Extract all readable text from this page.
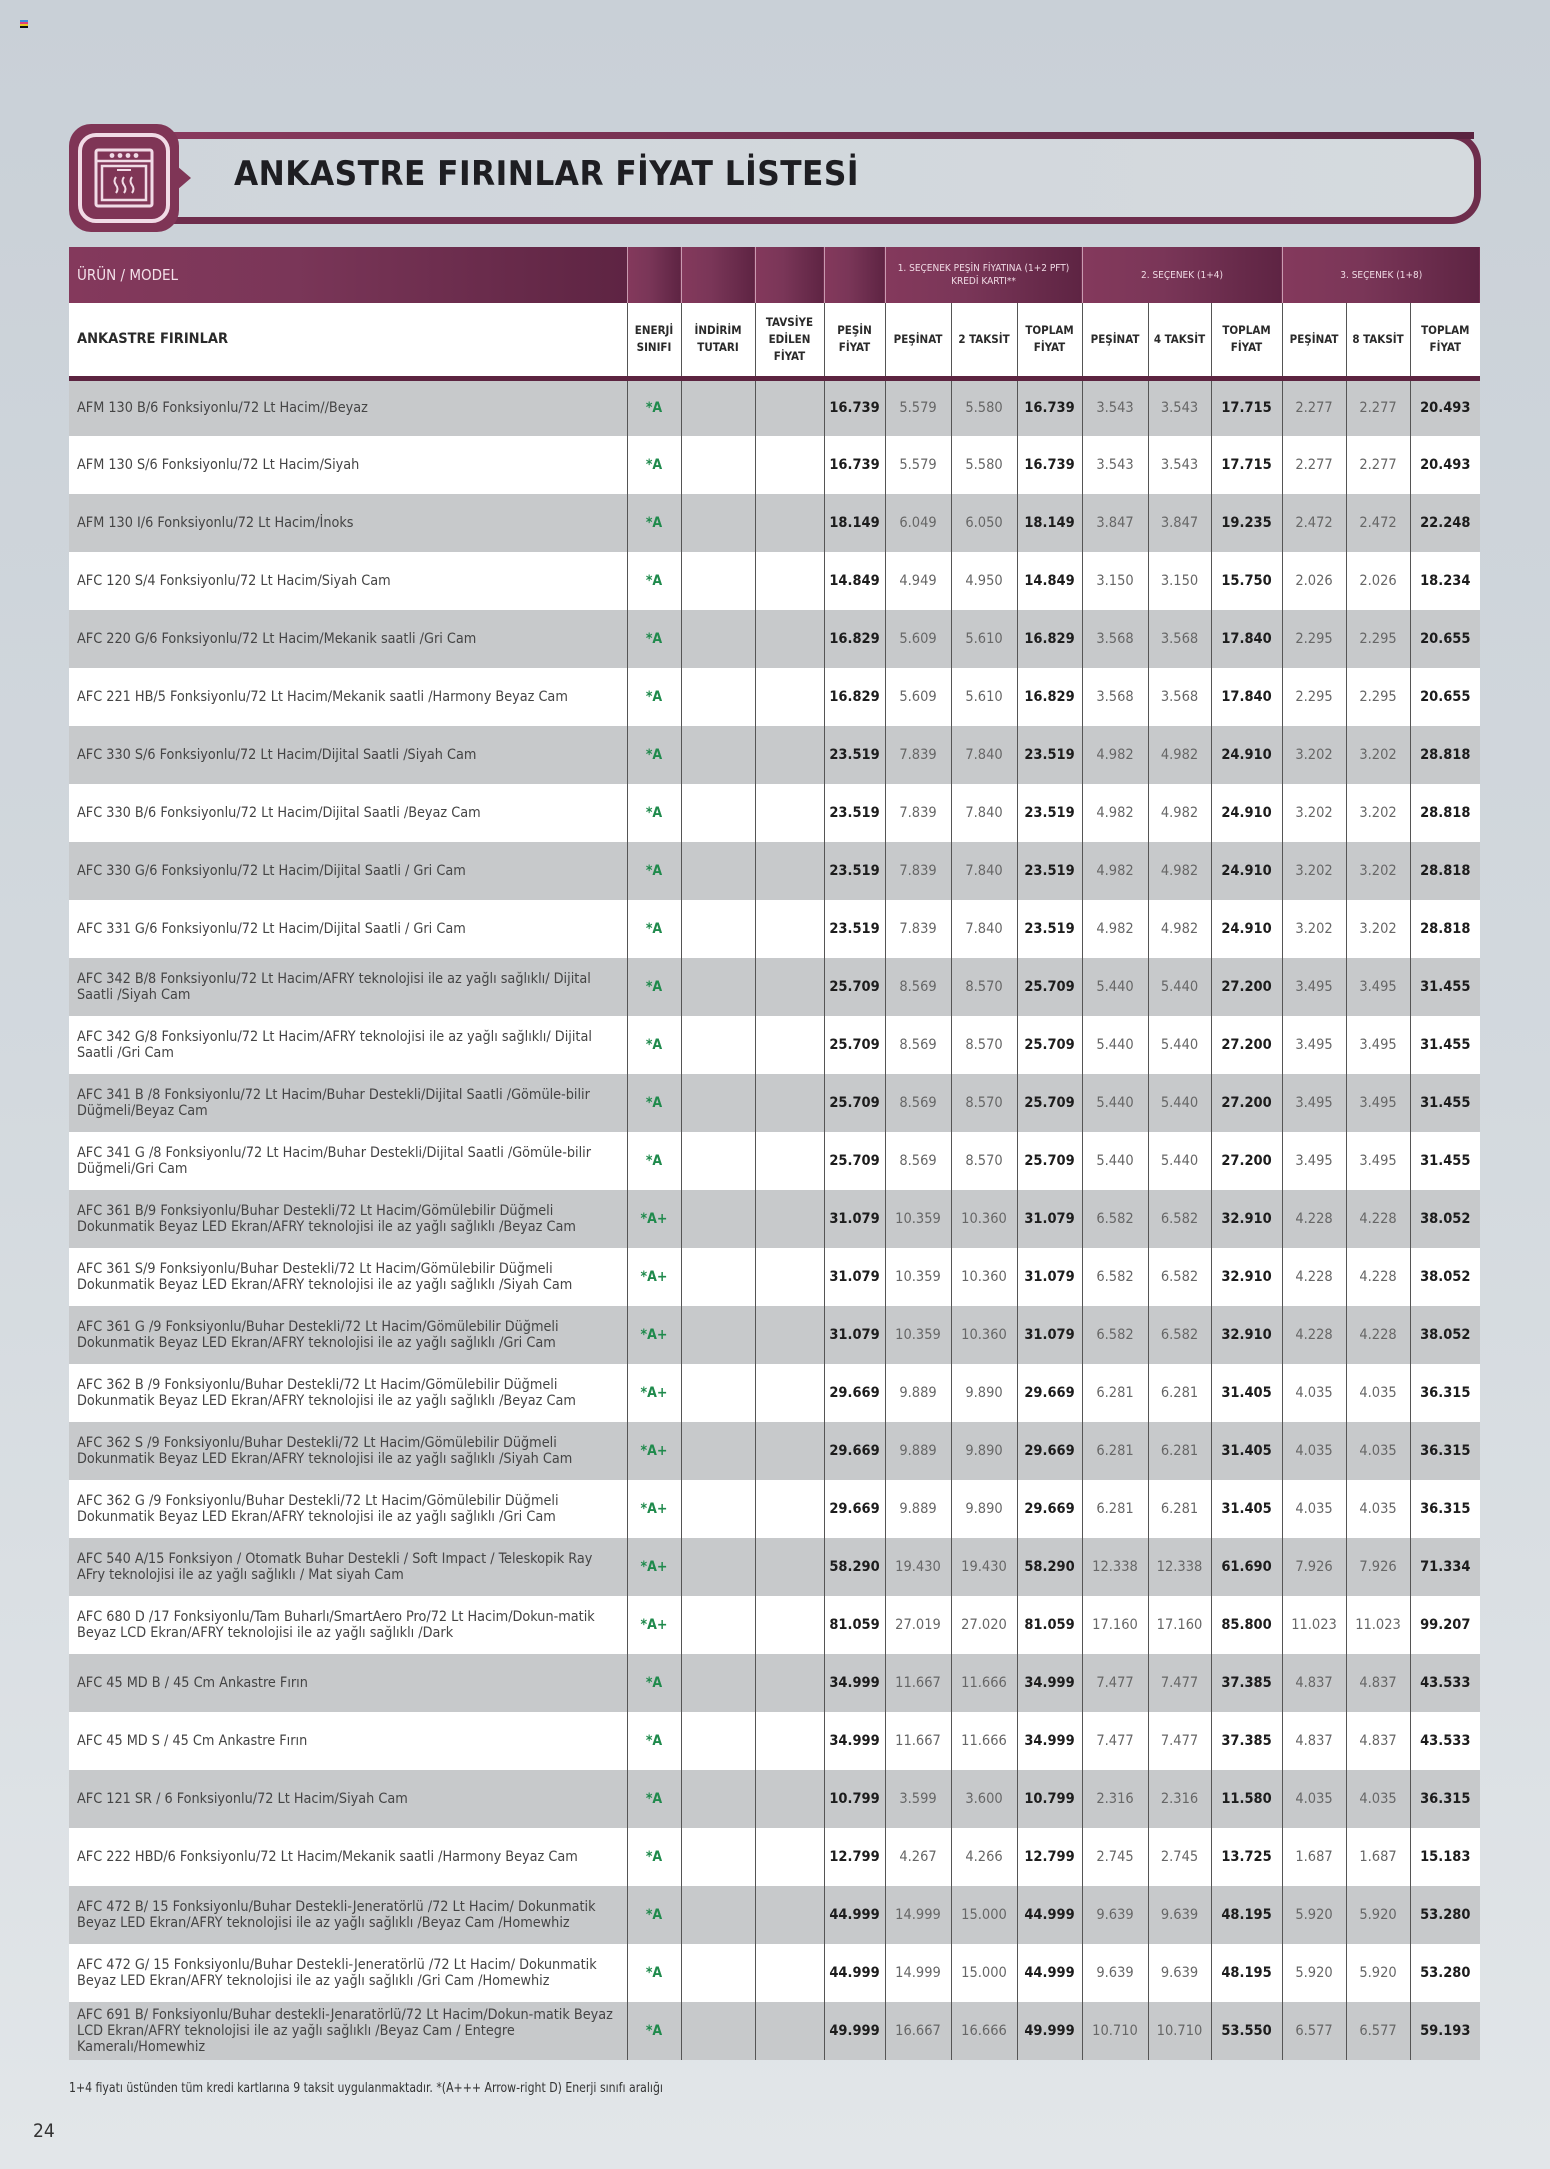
ANKASTRE FIRINLAR FİYAT LİSTESİ
ÜRÜN / MODEL					1. SEÇENEK PEŞİN FİYATINA (1+2 PFT) KREDİ KARTI**			2. SEÇENEK (1+4)			3. SEÇENEK (1+8)		
ANKASTRE FIRINLAR	ENERJİ SINIFI	İNDİRİM TUTARI	TAVSİYE EDİLEN FİYAT	PEŞİN FİYAT	PEŞİNAT	2 TAKSİT	TOPLAM FİYAT	PEŞİNAT	4 TAKSİT	TOPLAM FİYAT	PEŞİNAT	8 TAKSİT	TOPLAM FİYAT
AFM 130 B/6 Fonksiyonlu/72 Lt Hacim//Beyaz	*A			16.739	5.579	5.580	16.739	3.543	3.543	17.715	2.277	2.277	20.493
AFM 130 S/6 Fonksiyonlu/72 Lt Hacim/Siyah	*A			16.739	5.579	5.580	16.739	3.543	3.543	17.715	2.277	2.277	20.493
AFM 130 I/6 Fonksiyonlu/72 Lt Hacim/İnoks	*A			18.149	6.049	6.050	18.149	3.847	3.847	19.235	2.472	2.472	22.248
AFC 120 S/4 Fonksiyonlu/72 Lt Hacim/Siyah Cam	*A			14.849	4.949	4.950	14.849	3.150	3.150	15.750	2.026	2.026	18.234
AFC 220 G/6 Fonksiyonlu/72 Lt Hacim/Mekanik saatli /Gri Cam	*A			16.829	5.609	5.610	16.829	3.568	3.568	17.840	2.295	2.295	20.655
AFC 221 HB/5 Fonksiyonlu/72 Lt Hacim/Mekanik saatli /Harmony Beyaz Cam	*A			16.829	5.609	5.610	16.829	3.568	3.568	17.840	2.295	2.295	20.655
AFC 330 S/6 Fonksiyonlu/72 Lt Hacim/Dijital Saatli /Siyah Cam	*A			23.519	7.839	7.840	23.519	4.982	4.982	24.910	3.202	3.202	28.818
AFC 330 B/6 Fonksiyonlu/72 Lt Hacim/Dijital Saatli /Beyaz Cam	*A			23.519	7.839	7.840	23.519	4.982	4.982	24.910	3.202	3.202	28.818
AFC 330 G/6 Fonksiyonlu/72 Lt Hacim/Dijital Saatli / Gri Cam	*A			23.519	7.839	7.840	23.519	4.982	4.982	24.910	3.202	3.202	28.818
AFC 331 G/6 Fonksiyonlu/72 Lt Hacim/Dijital Saatli / Gri Cam	*A			23.519	7.839	7.840	23.519	4.982	4.982	24.910	3.202	3.202	28.818
AFC 342 B/8 Fonksiyonlu/72 Lt Hacim/AFRY teknolojisi ile az yağlı sağlıklı/ Dijital Saatli /Siyah Cam	*A			25.709	8.569	8.570	25.709	5.440	5.440	27.200	3.495	3.495	31.455
AFC 342 G/8 Fonksiyonlu/72 Lt Hacim/AFRY teknolojisi ile az yağlı sağlıklı/ Dijital Saatli /Gri Cam	*A			25.709	8.569	8.570	25.709	5.440	5.440	27.200	3.495	3.495	31.455
AFC 341 B /8 Fonksiyonlu/72 Lt Hacim/Buhar Destekli/Dijital Saatli /Gömüle-bilir Düğmeli/Beyaz Cam	*A			25.709	8.569	8.570	25.709	5.440	5.440	27.200	3.495	3.495	31.455
AFC 341 G /8 Fonksiyonlu/72 Lt Hacim/Buhar Destekli/Dijital Saatli /Gömüle-bilir Düğmeli/Gri Cam	*A			25.709	8.569	8.570	25.709	5.440	5.440	27.200	3.495	3.495	31.455
AFC 361 B/9 Fonksiyonlu/Buhar Destekli/72 Lt Hacim/Gömülebilir Düğmeli Dokunmatik Beyaz LED Ekran/AFRY teknolojisi ile az yağlı sağlıklı /Beyaz Cam	*A+			31.079	10.359	10.360	31.079	6.582	6.582	32.910	4.228	4.228	38.052
AFC 361 S/9 Fonksiyonlu/Buhar Destekli/72 Lt Hacim/Gömülebilir Düğmeli Dokunmatik Beyaz LED Ekran/AFRY teknolojisi ile az yağlı sağlıklı /Siyah Cam	*A+			31.079	10.359	10.360	31.079	6.582	6.582	32.910	4.228	4.228	38.052
AFC 361 G /9 Fonksiyonlu/Buhar Destekli/72 Lt Hacim/Gömülebilir Düğmeli Dokunmatik Beyaz LED Ekran/AFRY teknolojisi ile az yağlı sağlıklı /Gri Cam	*A+			31.079	10.359	10.360	31.079	6.582	6.582	32.910	4.228	4.228	38.052
AFC 362 B /9 Fonksiyonlu/Buhar Destekli/72 Lt Hacim/Gömülebilir Düğmeli Dokunmatik Beyaz LED Ekran/AFRY teknolojisi ile az yağlı sağlıklı /Beyaz Cam	*A+			29.669	9.889	9.890	29.669	6.281	6.281	31.405	4.035	4.035	36.315
AFC 362 S /9 Fonksiyonlu/Buhar Destekli/72 Lt Hacim/Gömülebilir Düğmeli Dokunmatik Beyaz LED Ekran/AFRY teknolojisi ile az yağlı sağlıklı /Siyah Cam	*A+			29.669	9.889	9.890	29.669	6.281	6.281	31.405	4.035	4.035	36.315
AFC 362 G /9 Fonksiyonlu/Buhar Destekli/72 Lt Hacim/Gömülebilir Düğmeli Dokunmatik Beyaz LED Ekran/AFRY teknolojisi ile az yağlı sağlıklı /Gri Cam	*A+			29.669	9.889	9.890	29.669	6.281	6.281	31.405	4.035	4.035	36.315
AFC 540 A/15 Fonksiyon / Otomatk Buhar Destekli / Soft Impact / Teleskopik Ray AFry teknolojisi ile az yağlı sağlıklı / Mat siyah Cam	*A+			58.290	19.430	19.430	58.290	12.338	12.338	61.690	7.926	7.926	71.334
AFC 680 D /17 Fonksiyonlu/Tam Buharlı/SmartAero Pro/72 Lt Hacim/Dokun-matik Beyaz LCD Ekran/AFRY teknolojisi ile az yağlı sağlıklı /Dark	*A+			81.059	27.019	27.020	81.059	17.160	17.160	85.800	11.023	11.023	99.207
AFC 45 MD B / 45 Cm Ankastre Fırın	*A			34.999	11.667	11.666	34.999	7.477	7.477	37.385	4.837	4.837	43.533
AFC 45 MD S / 45 Cm Ankastre Fırın	*A			34.999	11.667	11.666	34.999	7.477	7.477	37.385	4.837	4.837	43.533
AFC 121 SR / 6 Fonksiyonlu/72 Lt Hacim/Siyah Cam	*A			10.799	3.599	3.600	10.799	2.316	2.316	11.580	4.035	4.035	36.315
AFC 222 HBD/6 Fonksiyonlu/72 Lt Hacim/Mekanik saatli /Harmony Beyaz Cam	*A			12.799	4.267	4.266	12.799	2.745	2.745	13.725	1.687	1.687	15.183
AFC 472 B/ 15 Fonksiyonlu/Buhar Destekli-Jeneratörlü /72 Lt Hacim/ Dokunmatik Beyaz LED Ekran/AFRY teknolojisi ile az yağlı sağlıklı /Beyaz Cam /Homewhiz	*A			44.999	14.999	15.000	44.999	9.639	9.639	48.195	5.920	5.920	53.280
AFC 472 G/ 15 Fonksiyonlu/Buhar Destekli-Jeneratörlü /72 Lt Hacim/ Dokunmatik Beyaz LED Ekran/AFRY teknolojisi ile az yağlı sağlıklı /Gri Cam /Homewhiz	*A			44.999	14.999	15.000	44.999	9.639	9.639	48.195	5.920	5.920	53.280
AFC 691 B/ Fonksiyonlu/Buhar destekli-Jenaratörlü/72 Lt Hacim/Dokun-matik Beyaz LCD Ekran/AFRY teknolojisi ile az yağlı sağlıklı /Beyaz Cam / Entegre Kameralı/Homewhiz	*A			49.999	16.667	16.666	49.999	10.710	10.710	53.550	6.577	6.577	59.193
1+4 fiyatı üstünden tüm kredi kartlarına 9 taksit uygulanmaktadır. *(A+++ Arrow-right D) Enerji sınıfı aralığı
24
